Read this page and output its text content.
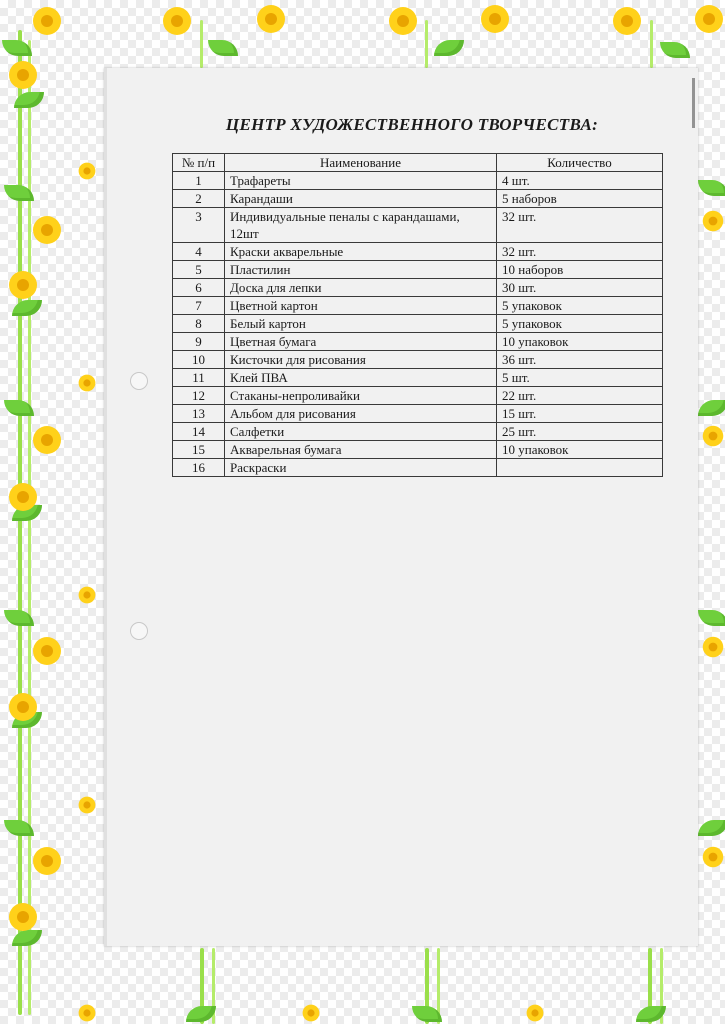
ЦЕНТР ХУДОЖЕСТВЕННОГО ТВОРЧЕСТВА:
№ п/п	Наименование	Количество
1	Трафареты	4 шт.
2	Карандаши	5 наборов
3	Индивидуальные пеналы с карандашами, 12шт	32 шт.
4	Краски акварельные	32 шт.
5	Пластилин	10 наборов
6	Доска для лепки	30 шт.
7	Цветной картон	5 упаковок
8	Белый картон	5 упаковок
9	Цветная бумага	10 упаковок
10	Кисточки для рисования	36 шт.
11	Клей ПВА	5 шт.
12	Стаканы-непроливайки	22 шт.
13	Альбом для рисования	15 шт.
14	Салфетки	25 шт.
15	Акварельная бумага	10 упаковок
16	Раскраски	
